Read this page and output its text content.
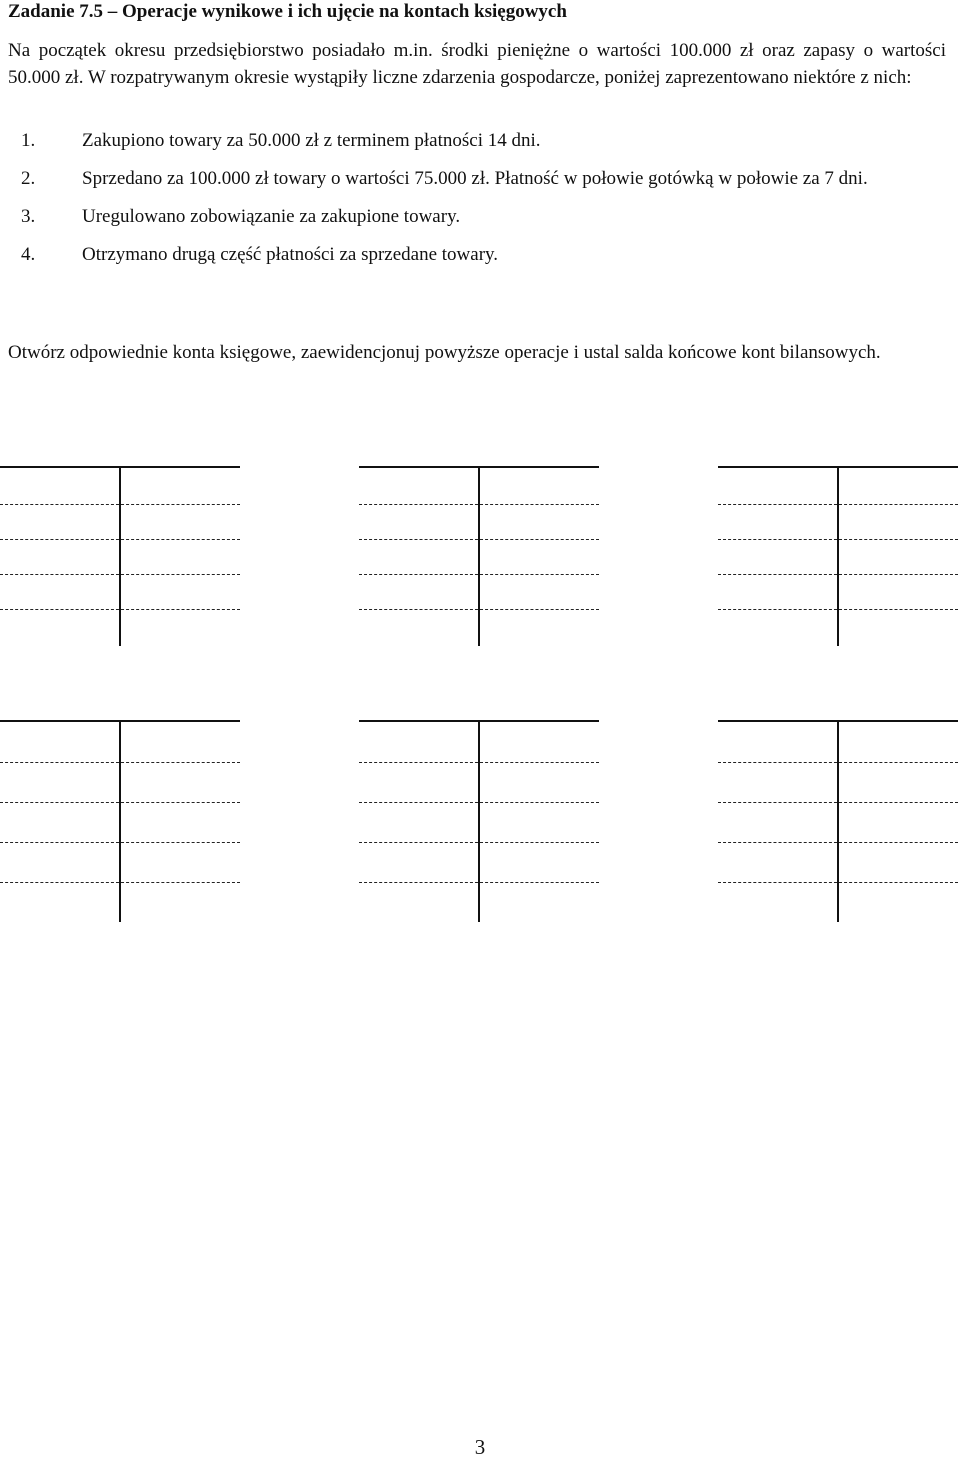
Zadanie 7.5 – Operacje wynikowe i ich ujęcie na kontach księgowych
Na początek okresu przedsiębiorstwo posiadało m.in. środki pieniężne o wartości 100.000 zł oraz zapasy o wartości 50.000 zł. W rozpatrywanym okresie wystąpiły liczne zdarzenia gospodarcze, poniżej zaprezentowano niektóre z nich:
1. Zakupiono towary za 50.000 zł z terminem płatności 14 dni.
2. Sprzedano za 100.000 zł towary o wartości 75.000 zł. Płatność w połowie gotówką w połowie za 7 dni.
3. Uregulowano zobowiązanie za zakupione towary.
4. Otrzymano drugą część płatności za sprzedane towary.
Otwórz odpowiednie konta księgowe, zaewidencjonuj powyższe operacje i ustal salda końcowe kont bilansowych.
3
